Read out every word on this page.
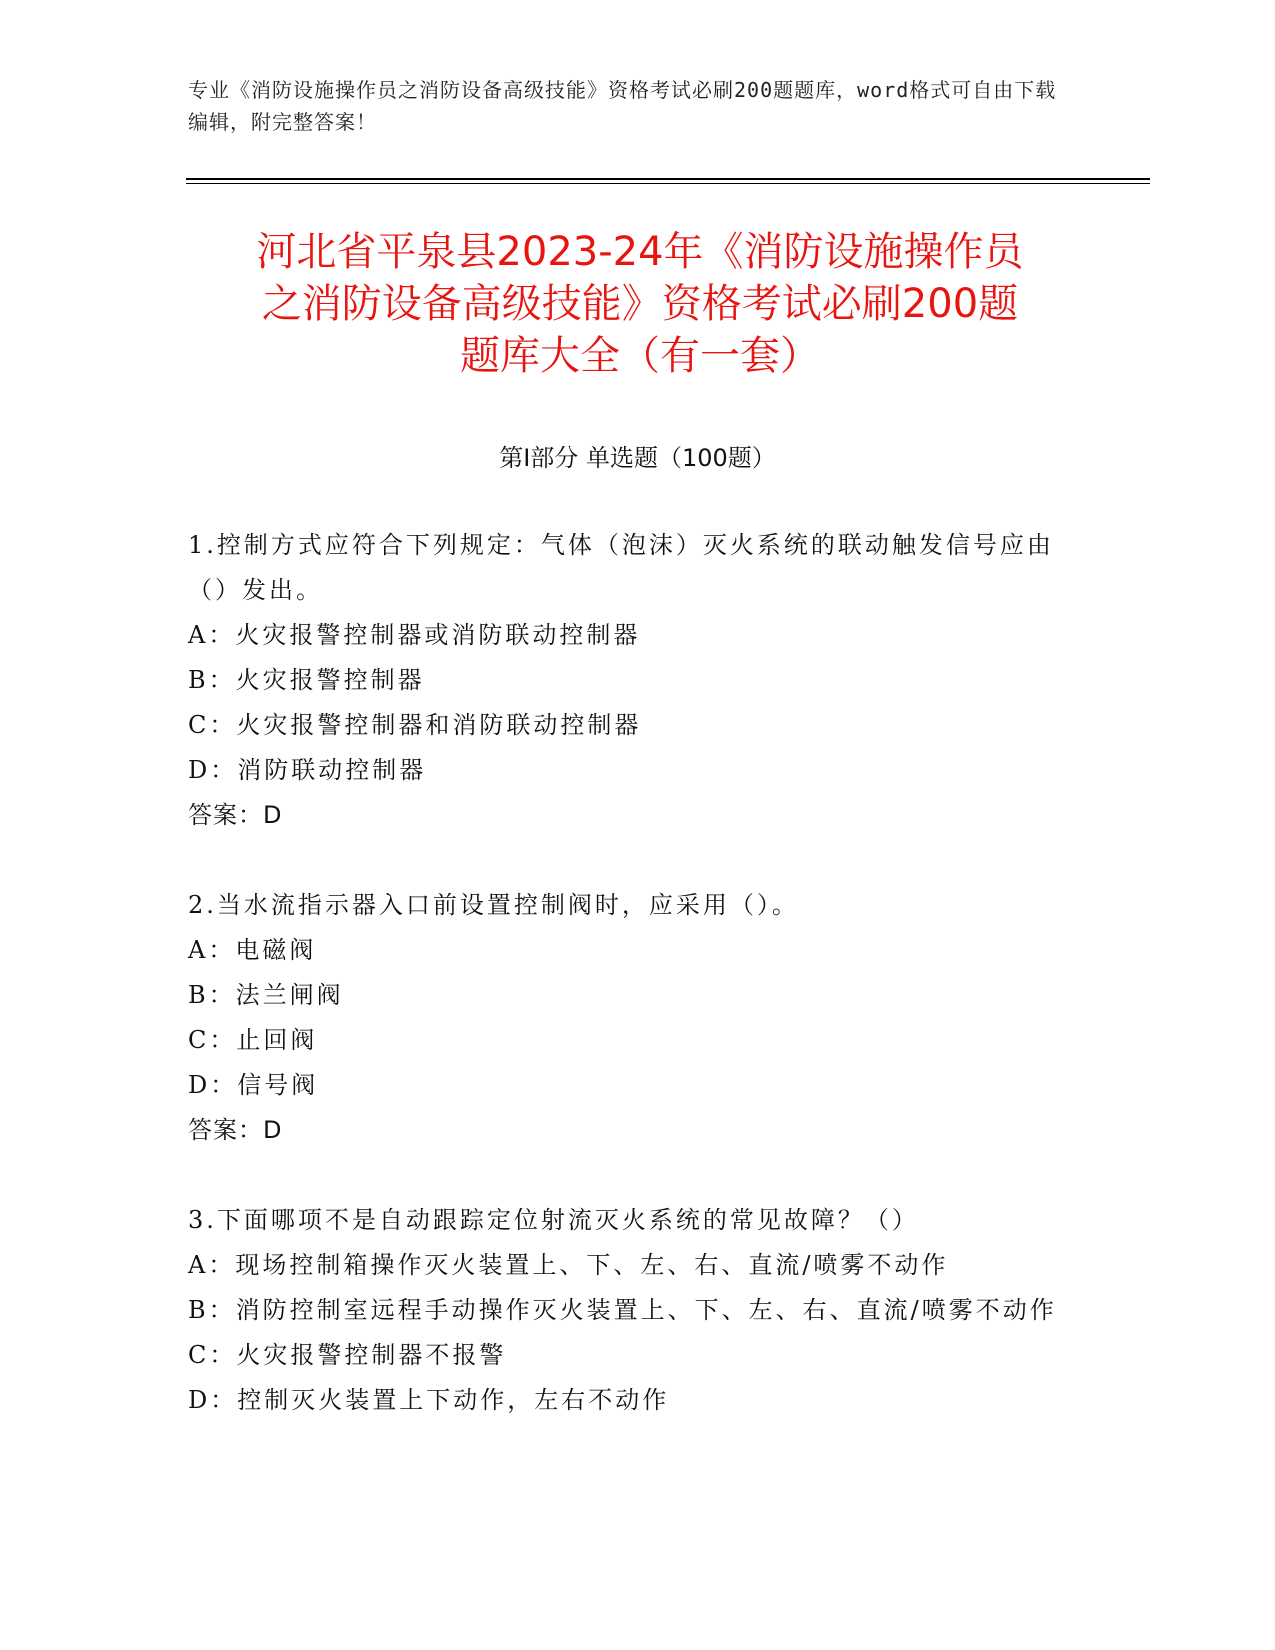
专业《消防设施操作员之消防设备高级技能》资格考试必刷200题题库，word格式可自由下载编辑，附完整答案！
河北省平泉县2023-24年《消防设施操作员
之消防设备高级技能》资格考试必刷200题
题库大全（有一套）
第Ⅰ部分 单选题（100题）

1.控制方式应符合下列规定：气体（泡沫）灭火系统的联动触发信号应由（）发出。

A：火灾报警控制器或消防联动控制器

B：火灾报警控制器

C：火灾报警控制器和消防联动控制器

D：消防联动控制器

答案：D

2.当水流指示器入口前设置控制阀时，应采用（）。

A：电磁阀

B：法兰闸阀

C：止回阀

D：信号阀

答案：D

3.下面哪项不是自动跟踪定位射流灭火系统的常见故障？（）

A：现场控制箱操作灭火装置上、下、左、右、直流/喷雾不动作

B：消防控制室远程手动操作灭火装置上、下、左、右、直流/喷雾不动作

C：火灾报警控制器不报警

D：控制灭火装置上下动作，左右不动作
